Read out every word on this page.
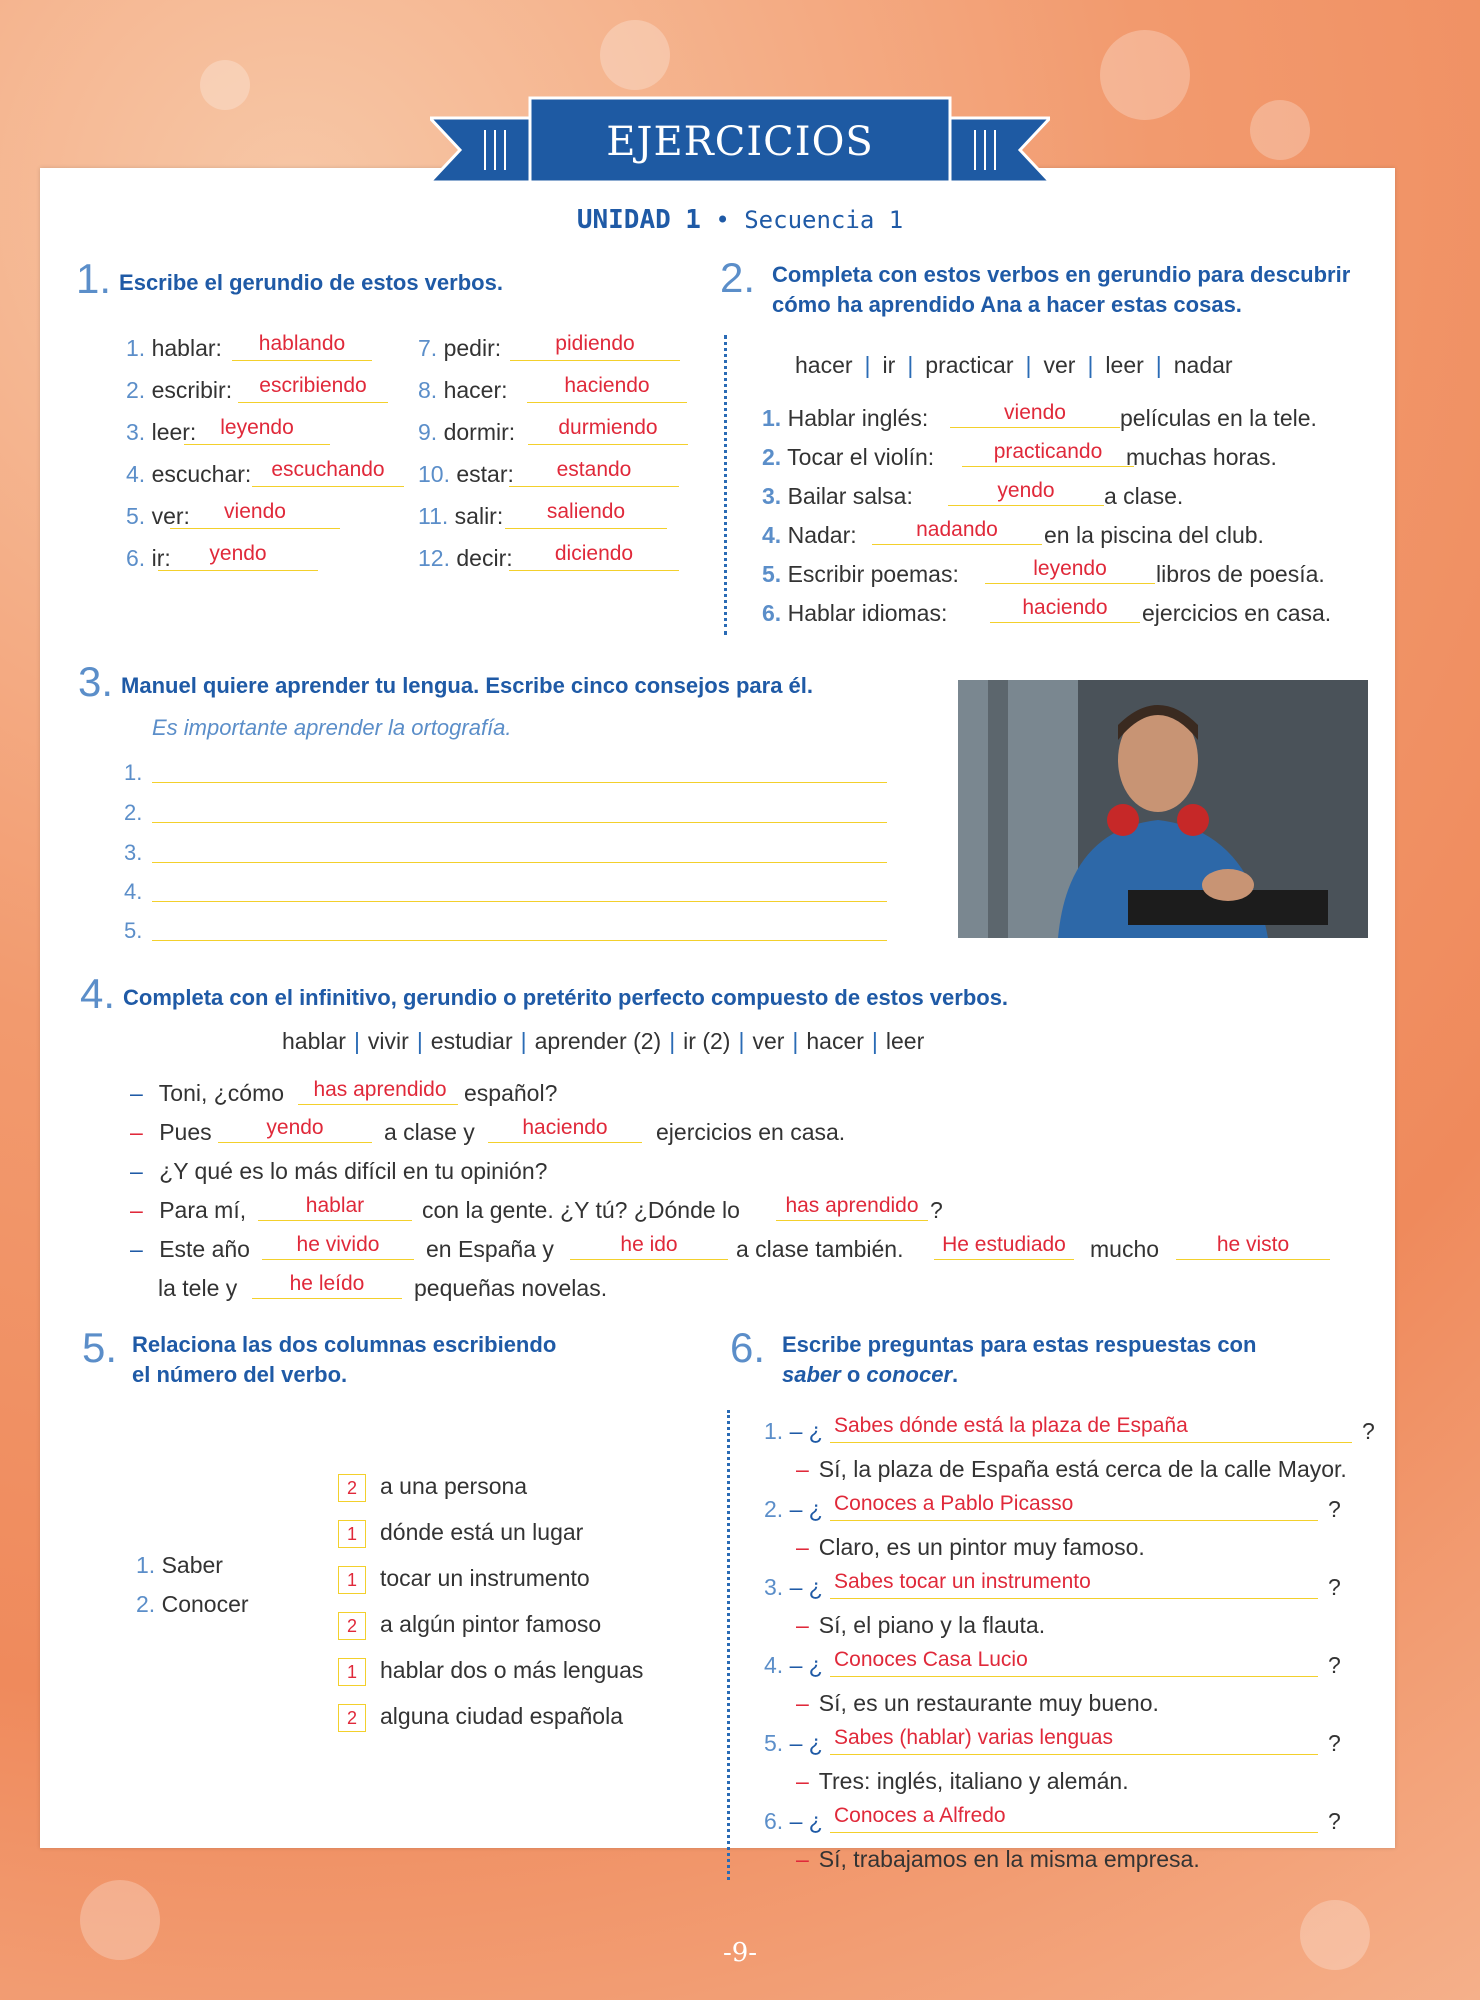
EJERCICIOS
UNIDAD 1 • Secuencia 1
1. Escribe el gerundio de estos verbos.
1. hablar:	hablando
2. escribir:	escribiendo
3. leer:	leyendo
4. escuchar: escuchando
5. ver:	viendo
6. ir:	yendo
7. pedir:	pidiendo
8. hacer:	haciendo
9. dormir:	durmiendo
10. estar:	estando
11. salir:	saliendo
12. decir:	diciendo
2. Completa con estos verbos en gerundio para descubrir
cómo ha aprendido Ana a hacer estas cosas.
hacer | ir | practicar | ver | leer | nadar
1. Hablar inglés:	viendo	películas en la tele.
2. Tocar el violín:	practicando	muchas horas.
3. Bailar salsa:	yendo	a clase.
4. Nadar:	nadando	en la piscina del club.
5. Escribir poemas:	leyendo	libros de poesía.
6. Hablar idiomas:	haciendo	ejercicios en casa.
3. Manuel quiere aprender tu lengua. Escribe cinco consejos para él.
Es importante aprender la ortografía.
1.
2.
3.
4.
5.
4. Completa con el infinitivo, gerundio o pretérito perfecto compuesto de estos verbos.
hablar | vivir | estudiar | aprender (2) | ir (2) | ver | hacer | leer
– Toni, ¿cómo	has aprendido español?
– Pues	yendo	a clase y	haciendo	ejercicios en casa.
– ¿Y qué es lo más difícil en tu opinión?
– Para mí,	hablar	con la gente. ¿Y tú? ¿Dónde lo	has aprendido ?
– Este año	he vivido	en España y	he ido	a clase también.	He estudiado	mucho	he visto
la tele y	he leído	pequeñas novelas.
5. Relaciona las dos columnas escribiendo
el número del verbo.
1. Saber
2. Conocer
2 a una persona
1 dónde está un lugar
1 tocar un instrumento
2 a algún pintor famoso
1 hablar dos o más lenguas
2 alguna ciudad española
6. Escribe preguntas para estas respuestas con
saber o conocer.
1. – ¿ Sabes dónde está la plaza de España	?
– Sí, la plaza de España está cerca de la calle Mayor.
2. – ¿ Conoces a Pablo Picasso	?
– Claro, es un pintor muy famoso.
3. – ¿ Sabes tocar un instrumento	?
– Sí, el piano y la flauta.
4. – ¿ Conoces Casa Lucio	?
– Sí, es un restaurante muy bueno.
5. – ¿ Sabes (hablar) varias lenguas	?
– Tres: inglés, italiano y alemán.
6. – ¿ Conoces a Alfredo	?
– Sí, trabajamos en la misma empresa.
-9-
